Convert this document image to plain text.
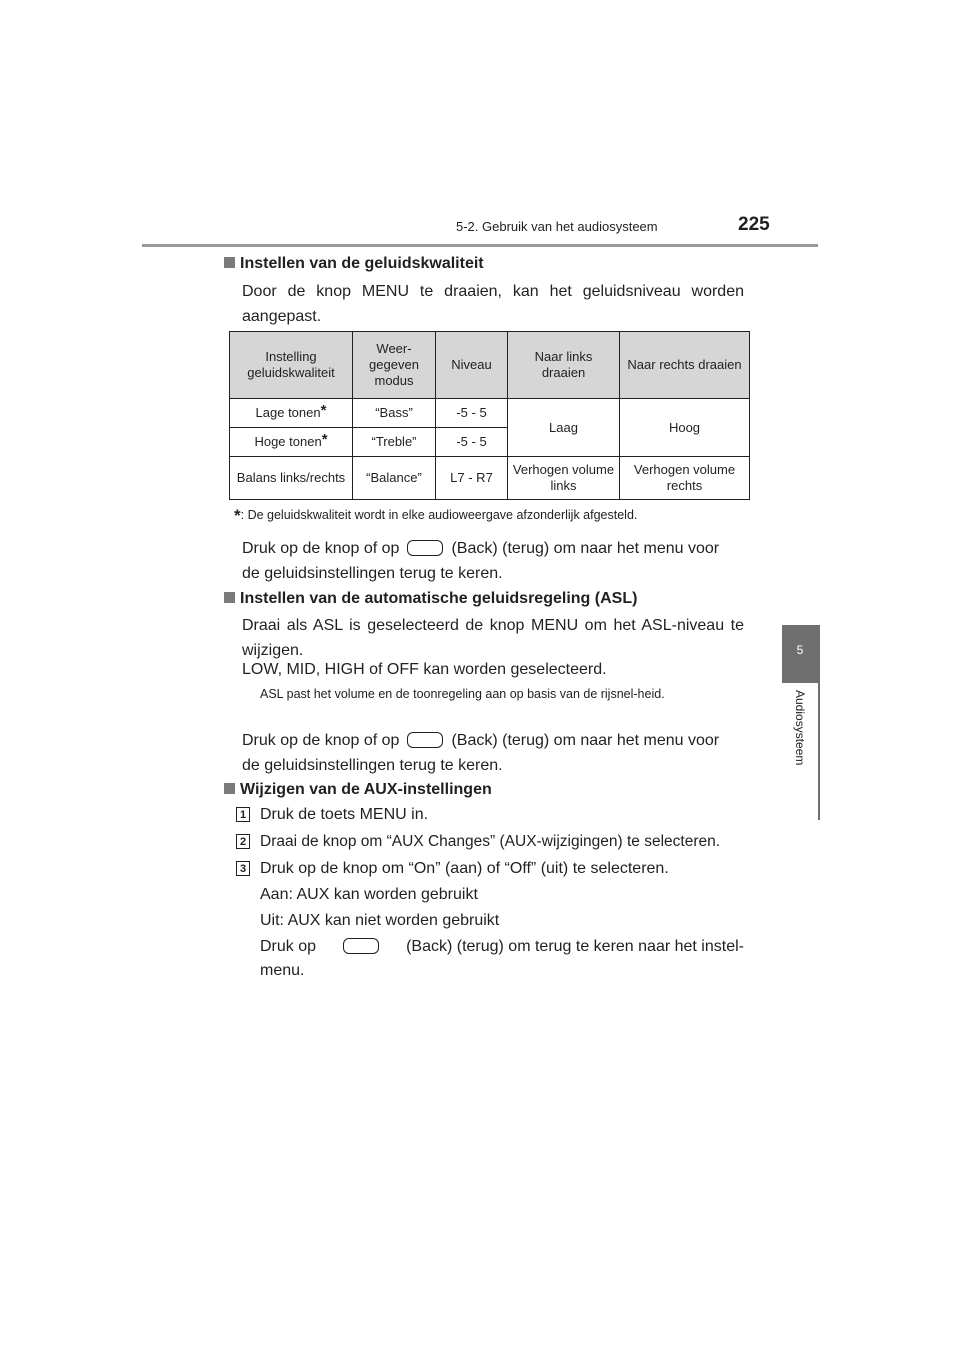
5-2. Gebruik van het audiosysteem	225
5
Audiosysteem
Instellen van de geluidskwaliteit
Door de knop MENU te draaien, kan het geluidsniveau worden aangepast.
Instelling geluidskwaliteit	Weer-gegeven modus	Niveau	Naar links draaien	Naar rechts draaien
Lage tonen*	“Bass”	-5 - 5	Laag	Hoog
Hoge tonen*	“Treble”	-5 - 5		
Balans links/rechts	“Balance”	L7 - R7	Verhogen volume links	Verhogen volume rechts
*: De geluidskwaliteit wordt in elke audioweergave afzonderlijk afgesteld.
Druk op de knop of op	(Back) (terug) om naar het menu voor
de geluidsinstellingen terug te keren.
Instellen van de automatische geluidsregeling (ASL)
Draai als ASL is geselecteerd de knop MENU om het ASL-niveau te wijzigen.
LOW, MID, HIGH of OFF kan worden geselecteerd.
ASL past het volume en de toonregeling aan op basis van de rijsnel-heid.
Druk op de knop of op	(Back) (terug) om naar het menu voor
de geluidsinstellingen terug te keren.
Wijzigen van de AUX-instellingen
1 Druk de toets MENU in.
2 Draai de knop om “AUX Changes” (AUX-wijzigingen) te selecteren.
3 Druk op de knop om “On” (aan) of “Off” (uit) te selecteren.
Aan: AUX kan worden gebruikt
Uit: AUX kan niet worden gebruikt
Druk op	(Back) (terug) om terug te keren naar het instel-
menu.
